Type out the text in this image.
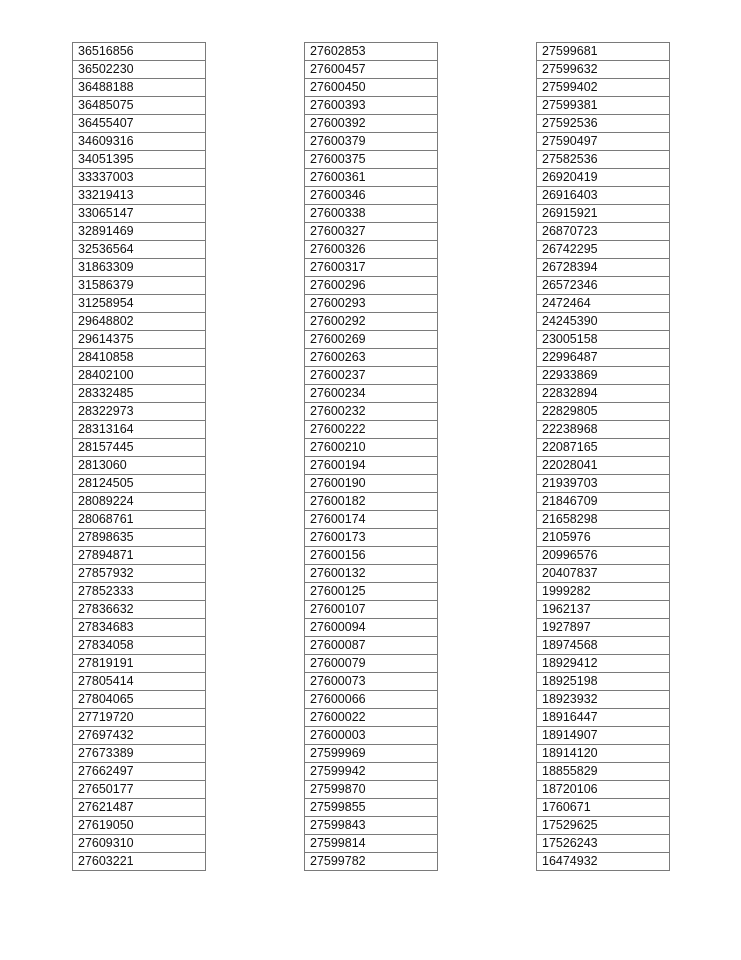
36516856
36502230
36488188
36485075
36455407
34609316
34051395
33337003
33219413
33065147
32891469
32536564
31863309
31586379
31258954
29648802
29614375
28410858
28402100
28332485
28322973
28313164
28157445
2813060
28124505
28089224
28068761
27898635
27894871
27857932
27852333
27836632
27834683
27834058
27819191
27805414
27804065
27719720
27697432
27673389
27662497
27650177
27621487
27619050
27609310
27603221
27602853
27600457
27600450
27600393
27600392
27600379
27600375
27600361
27600346
27600338
27600327
27600326
27600317
27600296
27600293
27600292
27600269
27600263
27600237
27600234
27600232
27600222
27600210
27600194
27600190
27600182
27600174
27600173
27600156
27600132
27600125
27600107
27600094
27600087
27600079
27600073
27600066
27600022
27600003
27599969
27599942
27599870
27599855
27599843
27599814
27599782
27599681
27599632
27599402
27599381
27592536
27590497
27582536
26920419
26916403
26915921
26870723
26742295
26728394
26572346
2472464
24245390
23005158
22996487
22933869
22832894
22829805
22238968
22087165
22028041
21939703
21846709
21658298
2105976
20996576
20407837
1999282
1962137
1927897
18974568
18929412
18925198
18923932
18916447
18914907
18914120
18855829
18720106
1760671
17529625
17526243
16474932
